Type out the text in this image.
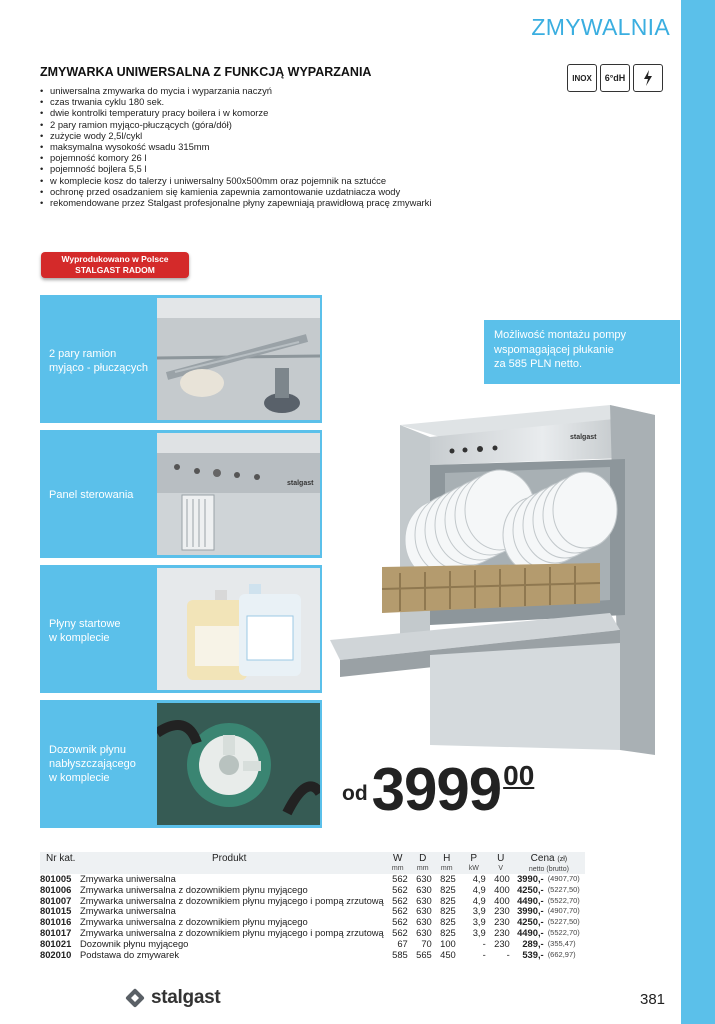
ZMYWALNIA
INOX	6°dH
ZMYWARKA UNIWERSALNA Z FUNKCJĄ WYPARZANIA
• uniwersalna zmywarka do mycia i wyparzania naczyń
• czas trwania cyklu 180 sek.
• dwie kontrolki temperatury pracy boilera i w komorze
• 2 pary ramion myjąco-płuczących (góra/dół)
• zużycie wody 2,5l/cykl
• maksymalna wysokość wsadu 315mm
• pojemność komory 26 l
• pojemność bojlera 5,5 l
• w komplecie kosz do talerzy i uniwersalny 500x500mm oraz pojemnik na sztućce
• ochronę przed osadzaniem się kamienia zapewnia zamontowanie uzdatniacza wody
• rekomendowane przez Stalgast profesjonalne płyny zapewniają prawidłową pracę zmywarki
Wyprodukowano w Polsce
STALGAST RADOM
2 pary ramion
myjąco - płuczących
Panel sterowania
stalgast
Płyny startowe
w komplecie
Dozownik płynu
nabłyszczającego
w komplecie
Możliwość montażu pompy
wspomagającej płukanie
za 585 PLN netto.
stalgast
od 3999 00
Nr kat.	Produkt	W
mm	D
mm	H
mm	P
kW	U
V	Cena (zł)
netto (brutto)	

801005	Zmywarka uniwersalna	562	630	825	4,9	400	3990,-	(4907,70)
801006	Zmywarka uniwersalna z dozownikiem płynu myjącego	562	630	825	4,9	400	4250,-	(5227,50)
801007	Zmywarka uniwersalna z dozownikiem płynu myjącego i pompą zrzutową	562	630	825	4,9	400	4490,-	(5522,70)
801015	Zmywarka uniwersalna	562	630	825	3,9	230	3990,-	(4907,70)
801016	Zmywarka uniwersalna z dozownikiem płynu myjącego	562	630	825	3,9	230	4250,-	(5227,50)
801017	Zmywarka uniwersalna z dozownikiem płynu myjącego i pompą zrzutową	562	630	825	3,9	230	4490,-	(5522,70)
801021	Dozownik płynu myjącego	67	70	100	-	230	289,-	(355,47)
802010	Podstawa do zmywarek	585	565	450	-	-	539,-	(662,97)
stalgast	381
